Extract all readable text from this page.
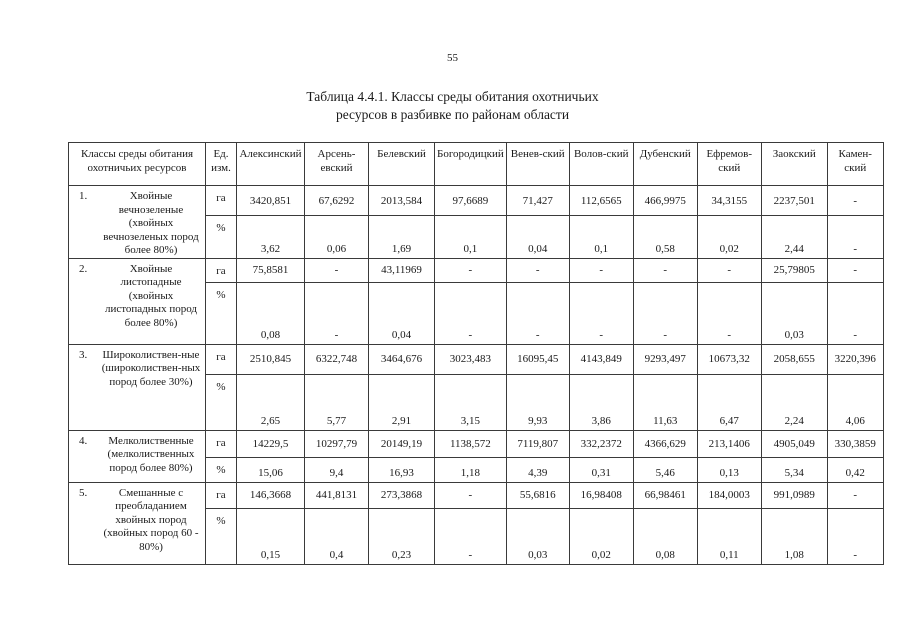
55
Таблица 4.4.1. Классы среды обитания охотничьих
ресурсов в разбивке по районам области
Классы среды обитания охотничьих ресурсов	Ед. изм.	Алексинский	Арсень-евский	Белевский	Богородицкий	Венев-ский	Волов-ский	Дубенский	Ефремов-ский	Заокский	Камен-ский

1. Хвойные вечнозеленые (хвойных вечнозеленых пород более 80%)	га	3420,851	67,6292	2013,584	97,6689	71,427	112,6565	466,9975	34,3155	2237,501	-
	%	3,62	0,06	1,69	0,1	0,04	0,1	0,58	0,02	2,44	-

2. Хвойные листопадные (хвойных листопадных пород более 80%)	га	75,8581	-	43,11969	-	-	-	-	-	25,79805	-
	%	0,08	-	0,04	-	-	-	-	-	0,03	-

3. Широколиствен-ные (широколиствен-ных пород более 30%)	га	2510,845	6322,748	3464,676	3023,483	16095,45	4143,849	9293,497	10673,32	2058,655	3220,396
	%	2,65	5,77	2,91	3,15	9,93	3,86	11,63	6,47	2,24	4,06

4. Мелколиственные (мелколиственных пород более 80%)	га	14229,5	10297,79	20149,19	1138,572	7119,807	332,2372	4366,629	213,1406	4905,049	330,3859
	%	15,06	9,4	16,93	1,18	4,39	0,31	5,46	0,13	5,34	0,42

5. Смешанные с преобладанием хвойных пород (хвойных пород 60 - 80%)	га	146,3668	441,8131	273,3868	-	55,6816	16,98408	66,98461	184,0003	991,0989	-
	%	0,15	0,4	0,23	-	0,03	0,02	0,08	0,11	1,08	-
